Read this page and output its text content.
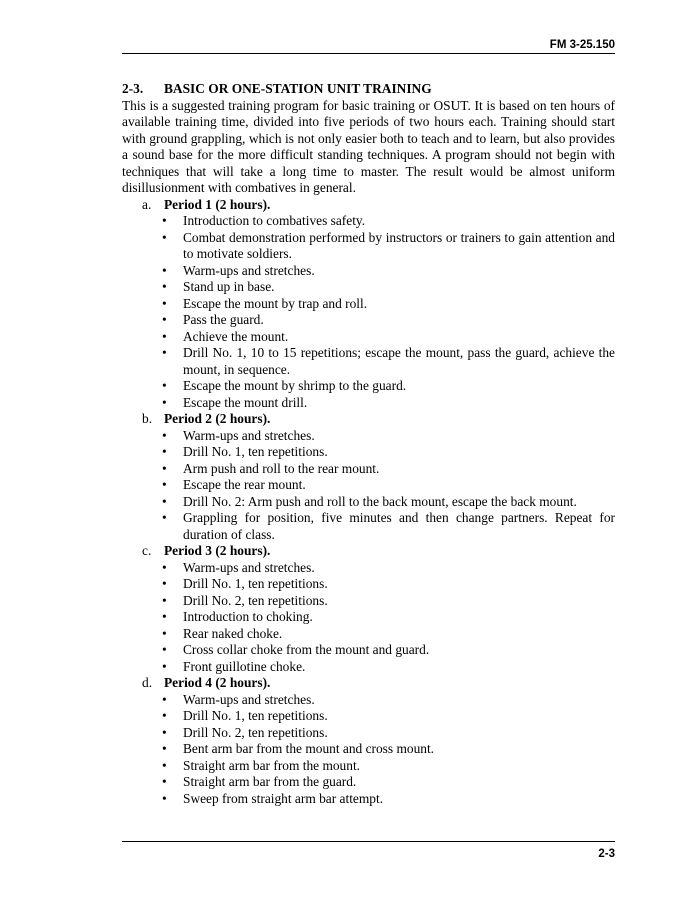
FM 3-25.150
2-3. BASIC OR ONE-STATION UNIT TRAINING

This is a suggested training program for basic training or OSUT. It is based on ten hours of available training time, divided into five periods of two hours each. Training should start with ground grappling, which is not only easier both to teach and to learn, but also provides a sound base for the more difficult standing techniques. A program should not begin with techniques that will take a long time to master. The result would be almost uniform disillusionment with combatives in general.

a. Period 1 (2 hours).
• Introduction to combatives safety.
• Combat demonstration performed by instructors or trainers to gain attention and to motivate soldiers.
• Warm-ups and stretches.
• Stand up in base.
• Escape the mount by trap and roll.
• Pass the guard.
• Achieve the mount.
• Drill No. 1, 10 to 15 repetitions; escape the mount, pass the guard, achieve the mount, in sequence.
• Escape the mount by shrimp to the guard.
• Escape the mount drill.
b. Period 2 (2 hours).
• Warm-ups and stretches.
• Drill No. 1, ten repetitions.
• Arm push and roll to the rear mount.
• Escape the rear mount.
• Drill No. 2: Arm push and roll to the back mount, escape the back mount.
• Grappling for position, five minutes and then change partners. Repeat for duration of class.
c. Period 3 (2 hours).
• Warm-ups and stretches.
• Drill No. 1, ten repetitions.
• Drill No. 2, ten repetitions.
• Introduction to choking.
• Rear naked choke.
• Cross collar choke from the mount and guard.
• Front guillotine choke.
d. Period 4 (2 hours).
• Warm-ups and stretches.
• Drill No. 1, ten repetitions.
• Drill No. 2, ten repetitions.
• Bent arm bar from the mount and cross mount.
• Straight arm bar from the mount.
• Straight arm bar from the guard.
• Sweep from straight arm bar attempt.
2-3
